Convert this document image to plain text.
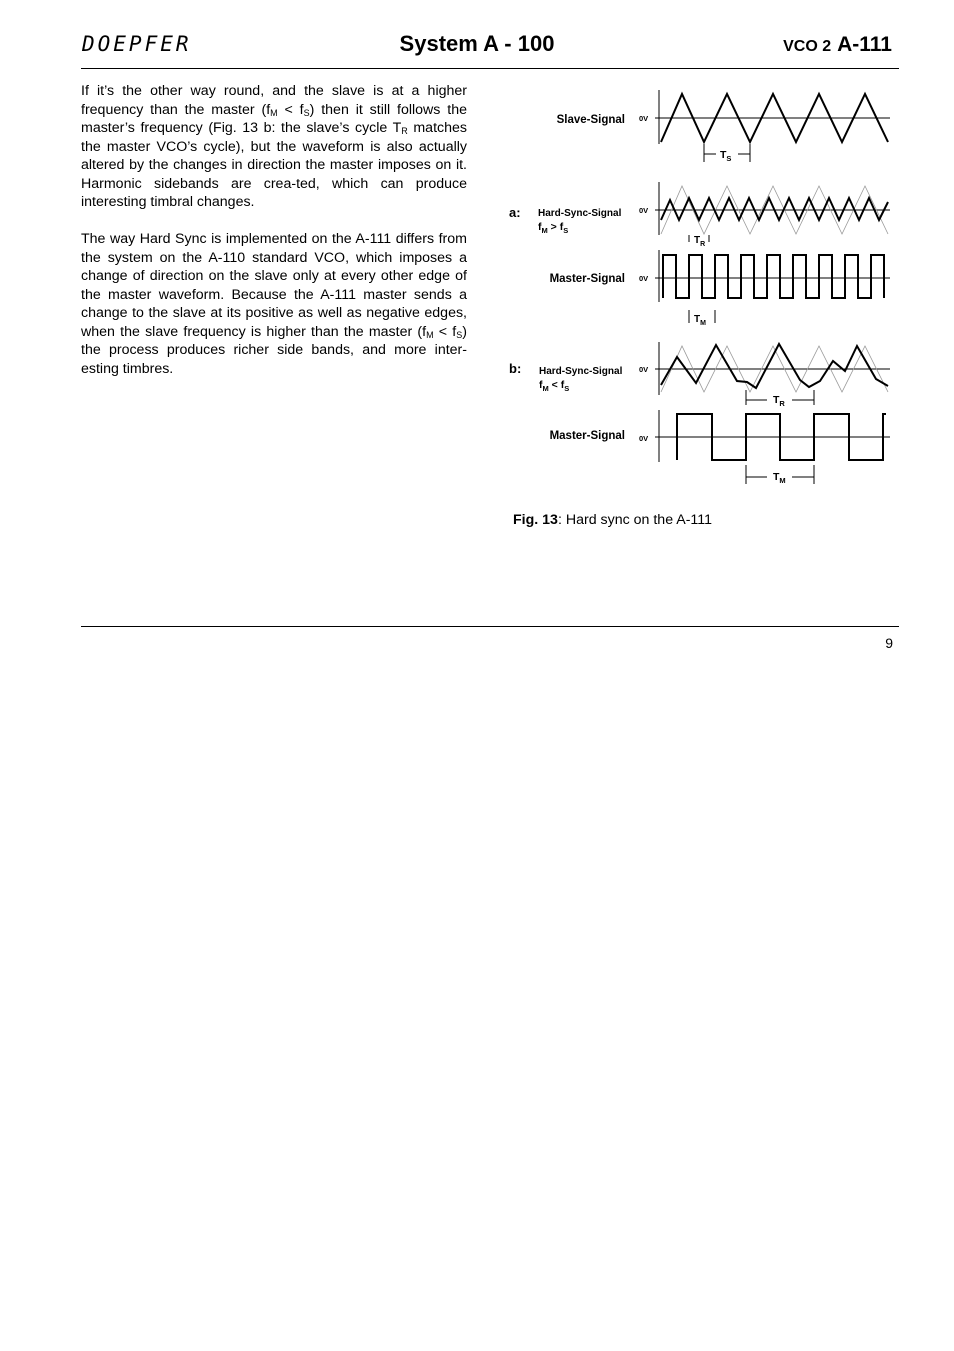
DOEPFER	System A - 100	VCO 2 A-111
If it’s the other way round, and the slave is at a higher frequency than the master $(f_M < f_S)$ then it still follows the master’s frequency (Fig. 13 b: the slave’s cycle $T_R$ matches the master VCO’s cycle), but the waveform is also actually altered by the changes in direction the master imposes on it. Harmonic sidebands are crea-ted, which can produce interesting timbral changes.
The way Hard Sync is implemented on the A-111 differs from the system on the A-110 standard VCO, which imposes a change of direction on the slave only at every other edge of the master waveform. Because the A-111 master sends a change to the slave at its positive as well as negative edges, when the slave frequency is higher than the master $(f_M < f_S)$ the process produces richer side bands, and more inter-esting timbres.
Slave-Signal 0V
a: Hard-Sync-Signal
$f_M > f_S$
0V
Master-Signal 0V
b: Hard-Sync-Signal
$f_M < f_S$
0V
Master-Signal 0V
$T_S$
$T_R$
$T_M$
$T_R$
$T_M$
Fig. 13: Hard sync on the A-111
9
